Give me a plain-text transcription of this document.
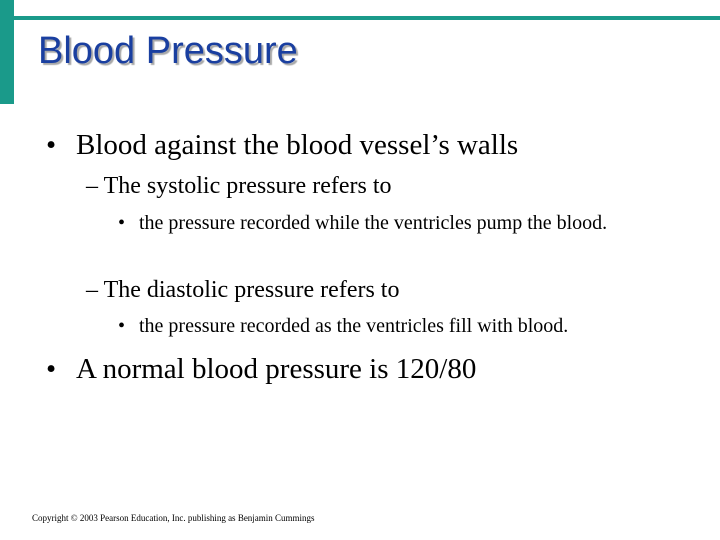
Blood Pressure
• Blood against the blood vessel’s walls
– The systolic pressure refers to
• the pressure recorded while the ventricles pump the blood.
– The diastolic pressure refers to
• the pressure recorded as the ventricles fill with blood.
• A normal blood pressure is 120/80
Copyright © 2003 Pearson Education, Inc. publishing as Benjamin Cummings
